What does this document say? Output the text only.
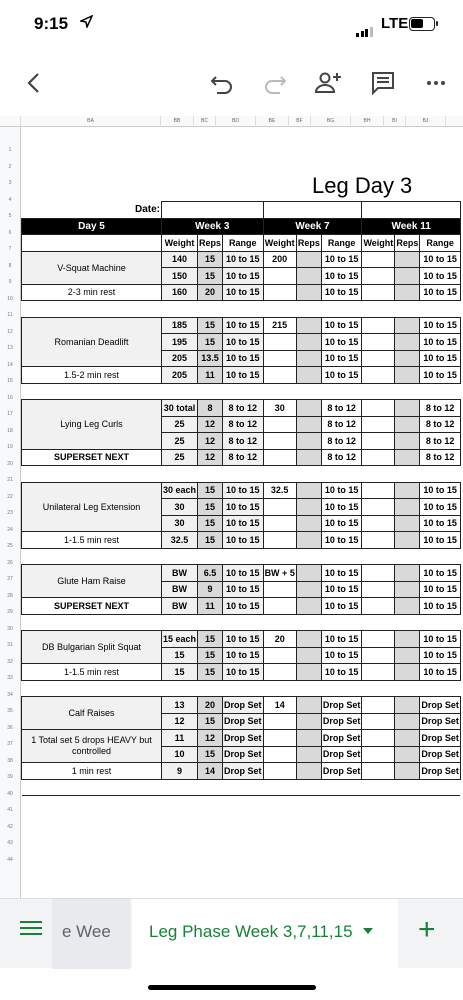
9:15	LTE
BA	BB	BC	BD	BE	BF	BG	BH	BI	BJ
1
2
3
4
5
6
7
8
9
10
11
12
13
14
15
16
17
18
19
20
21
22
23
24
25
26
27
28
29
30
31
32
33
34
35
36
37
38
39
40
41
42
43
44
Leg Day 3
Date:									
Day 5	Week 3			Week 7			Week 11		
	Weight	Reps	Range	Weight	Reps	Range	Weight	Reps	Range
V-Squat Machine	140	15	10 to 15	200		10 to 15			10 to 15
	150	15	10 to 15			10 to 15			10 to 15
2-3 min rest	160	20	10 to 15			10 to 15			10 to 15

Romanian Deadlift	185	15	10 to 15	215		10 to 15			10 to 15
	195	15	10 to 15			10 to 15			10 to 15
	205	13.5	10 to 15			10 to 15			10 to 15
1.5-2 min rest	205	11	10 to 15			10 to 15			10 to 15

Lying Leg Curls	30 total	8	8 to 12	30		8 to 12			8 to 12
	25	12	8 to 12			8 to 12			8 to 12
	25	12	8 to 12			8 to 12			8 to 12
SUPERSET NEXT	25	12	8 to 12			8 to 12			8 to 12

Unilateral Leg Extension	30 each	15	10 to 15	32.5		10 to 15			10 to 15
	30	15	10 to 15			10 to 15			10 to 15
	30	15	10 to 15			10 to 15			10 to 15
1-1.5 min rest	32.5	15	10 to 15			10 to 15			10 to 15

Glute Ham Raise	BW	6.5	10 to 15	BW + 5		10 to 15			10 to 15
	BW	9	10 to 15			10 to 15			10 to 15
SUPERSET NEXT	BW	11	10 to 15			10 to 15			10 to 15

DB Bulgarian Split Squat	15 each	15	10 to 15	20		10 to 15			10 to 15
	15	15	10 to 15			10 to 15			10 to 15
1-1.5 min rest	15	15	10 to 15			10 to 15			10 to 15

Calf Raises	13	20	Drop Set	14		Drop Set			Drop Set
	12	15	Drop Set			Drop Set			Drop Set
1 Total set 5 drops HEAVY but controlled	11	12	Drop Set			Drop Set			Drop Set
	10	15	Drop Set			Drop Set			Drop Set
1 min rest	9	14	Drop Set			Drop Set			Drop Set

e Wee	Leg Phase Week 3,7,11,15	+
